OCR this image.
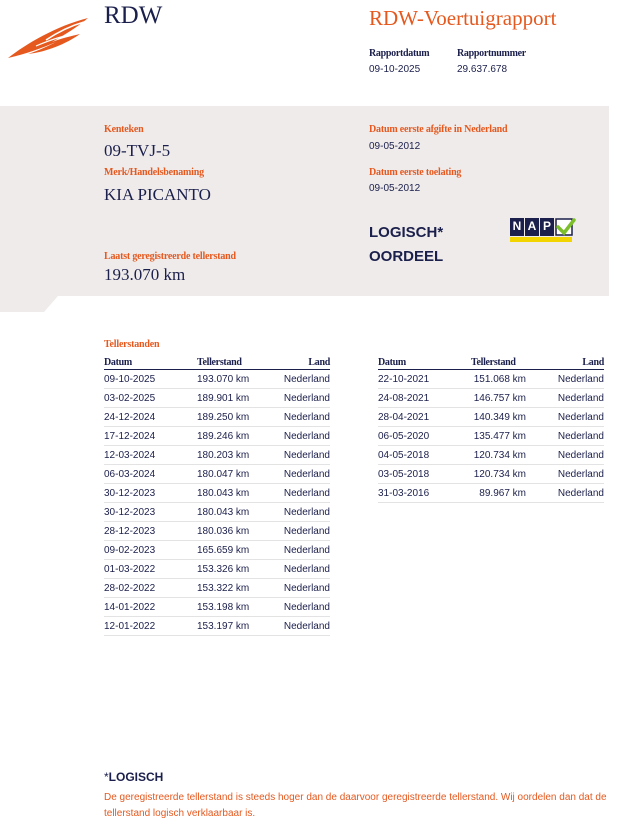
RDW	RDW-Voertuigrapport
Rapportdatum
09-10-2025
Rapportnummer
29.637.678
Kenteken
09-TVJ-5
Merk/Handelsbenaming
KIA PICANTO
Laatst geregistreerde tellerstand
193.070 km
Datum eerste afgifte in Nederland
09-05-2012
Datum eerste toelating
09-05-2012
LOGISCH*
OORDEEL
N A P
Tellerstanden
Datum	Tellerstand	Land
09-10-2025	193.070 km	Nederland
03-02-2025	189.901 km	Nederland
24-12-2024	189.250 km	Nederland
17-12-2024	189.246 km	Nederland
12-03-2024	180.203 km	Nederland
06-03-2024	180.047 km	Nederland
30-12-2023	180.043 km	Nederland
30-12-2023	180.043 km	Nederland
28-12-2023	180.036 km	Nederland
09-02-2023	165.659 km	Nederland
01-03-2022	153.326 km	Nederland
28-02-2022	153.322 km	Nederland
14-01-2022	153.198 km	Nederland
12-01-2022	153.197 km	Nederland
Datum	Tellerstand	Land
22-10-2021	151.068 km	Nederland
24-08-2021	146.757 km	Nederland
28-04-2021	140.349 km	Nederland
06-05-2020	135.477 km	Nederland
04-05-2018	120.734 km	Nederland
03-05-2018	120.734 km	Nederland
31-03-2016	89.967 km	Nederland
*LOGISCH
De geregistreerde tellerstand is steeds hoger dan de daarvoor geregistreerde tellerstand. Wij oordelen dan dat de tellerstand logisch verklaarbaar is.
